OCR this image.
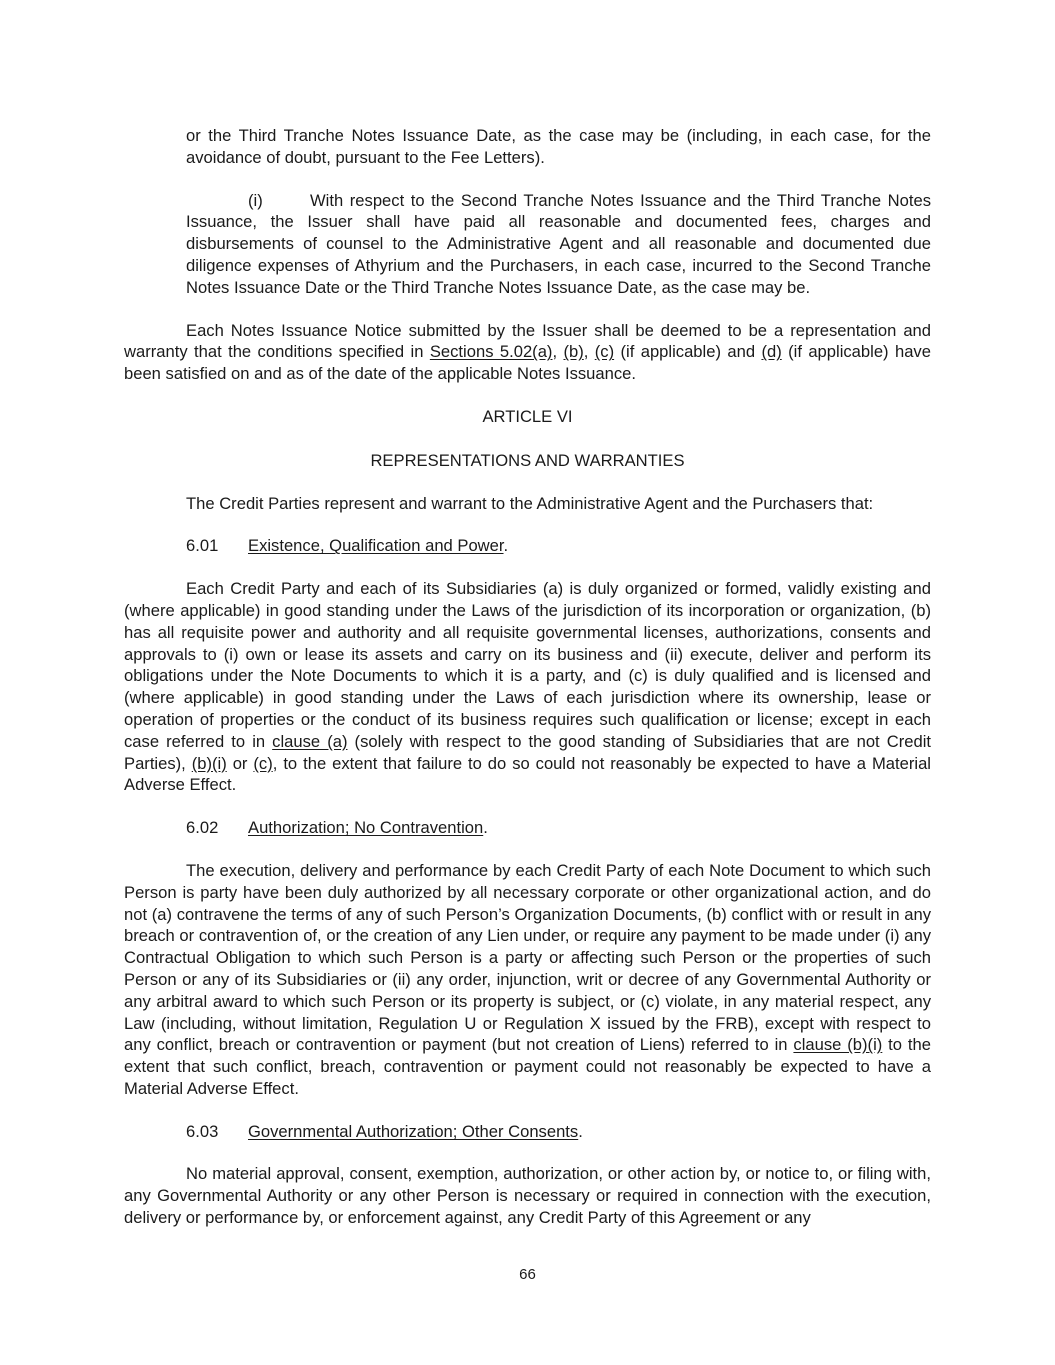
or the Third Tranche Notes Issuance Date, as the case may be (including, in each case, for the avoidance of doubt, pursuant to the Fee Letters).

(i)	With respect to the Second Tranche Notes Issuance and the Third Tranche Notes Issuance, the Issuer shall have paid all reasonable and documented fees, charges and disbursements of counsel to the Administrative Agent and all reasonable and documented due diligence expenses of Athyrium and the Purchasers, in each case, incurred to the Second Tranche Notes Issuance Date or the Third Tranche Notes Issuance Date, as the case may be.

Each Notes Issuance Notice submitted by the Issuer shall be deemed to be a representation and warranty that the conditions specified in Sections 5.02(a), (b), (c) (if applicable) and (d) (if applicable) have been satisfied on and as of the date of the applicable Notes Issuance.

ARTICLE VI

REPRESENTATIONS AND WARRANTIES

The Credit Parties represent and warrant to the Administrative Agent and the Purchasers that:

6.01 Existence, Qualification and Power.

Each Credit Party and each of its Subsidiaries (a) is duly organized or formed, validly existing and (where applicable) in good standing under the Laws of the jurisdiction of its incorporation or organization, (b) has all requisite power and authority and all requisite governmental licenses, authorizations, consents and approvals to (i) own or lease its assets and carry on its business and (ii) execute, deliver and perform its obligations under the Note Documents to which it is a party, and (c) is duly qualified and is licensed and (where applicable) in good standing under the Laws of each jurisdiction where its ownership, lease or operation of properties or the conduct of its business requires such qualification or license; except in each case referred to in clause (a) (solely with respect to the good standing of Subsidiaries that are not Credit Parties), (b)(i) or (c), to the extent that failure to do so could not reasonably be expected to have a Material Adverse Effect.

6.02 Authorization; No Contravention.

The execution, delivery and performance by each Credit Party of each Note Document to which such Person is party have been duly authorized by all necessary corporate or other organizational action, and do not (a) contravene the terms of any of such Person’s Organization Documents, (b) conflict with or result in any breach or contravention of, or the creation of any Lien under, or require any payment to be made under (i) any Contractual Obligation to which such Person is a party or affecting such Person or the properties of such Person or any of its Subsidiaries or (ii) any order, injunction, writ or decree of any Governmental Authority or any arbitral award to which such Person or its property is subject, or (c) violate, in any material respect, any Law (including, without limitation, Regulation U or Regulation X issued by the FRB), except with respect to any conflict, breach or contravention or payment (but not creation of Liens) referred to in clause (b)(i) to the extent that such conflict, breach, contravention or payment could not reasonably be expected to have a Material Adverse Effect.

6.03 Governmental Authorization; Other Consents.

No material approval, consent, exemption, authorization, or other action by, or notice to, or filing with, any Governmental Authority or any other Person is necessary or required in connection with the execution, delivery or performance by, or enforcement against, any Credit Party of this Agreement or any

66
